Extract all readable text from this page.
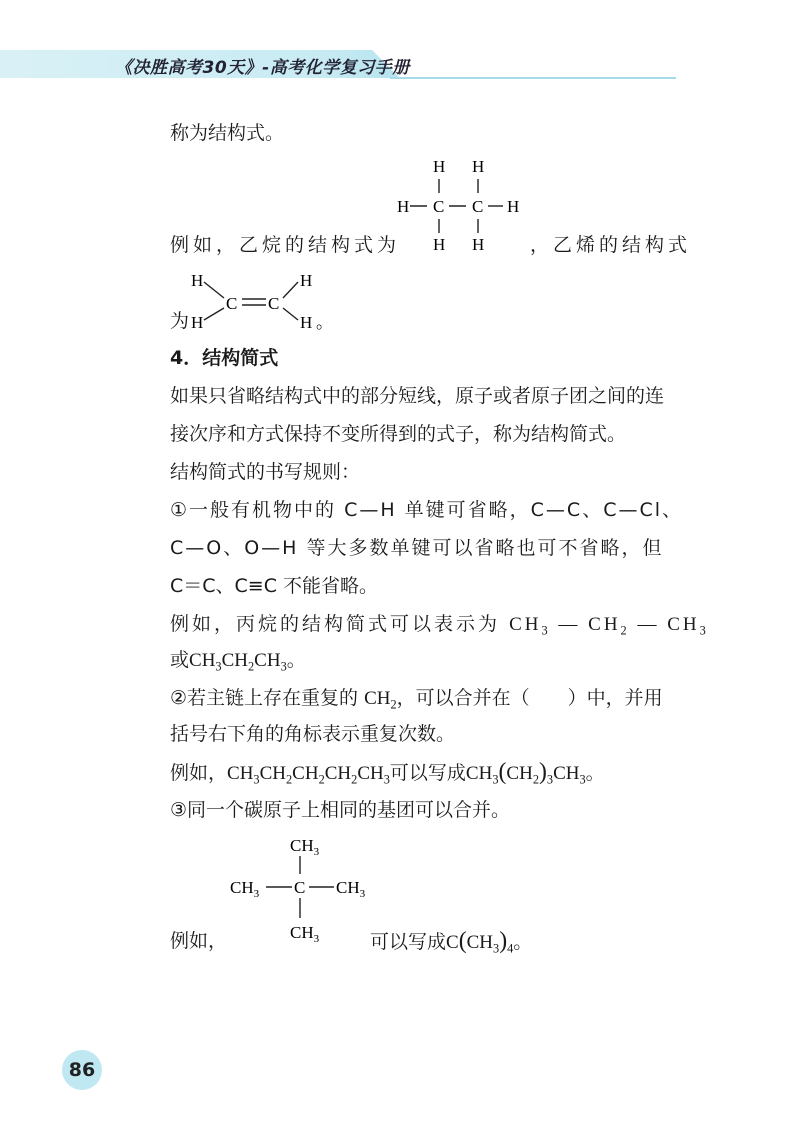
《决胜高考30天》-高考化学复习手册
称为结构式。
H H
H C C H
H H
例如，乙烷的结构式为	，乙烯的结构式
为
H
H
C C
H
H 。
4．结构简式
如果只省略结构式中的部分短线，原子或者原子团之间的连
接次序和方式保持不变所得到的式子，称为结构简式。
结构简式的书写规则：
①一般有机物中的 C—H 单键可省略，C—C、C—Cl、
C—O、O—H 等大多数单键可以省略也可不省略，但
C＝C、C≡C 不能省略。
例如，丙烷的结构简式可以表示为 $CH_3$ — $CH_2$ — $CH_3$
或$CH_3CH_2CH_3$。
②若主链上存在重复的 $CH_2$，可以合并在（　　）中，并用
括号右下角的角标表示重复次数。
例如，$CH_3CH_2CH_2CH_2CH_3$可以写成$CH_3(CH_2)_3CH_3$。
③同一个碳原子上相同的基团可以合并。
$CH_3$
$CH_3$ C $CH_3$
$CH_3$
例如，	可以写成$C(CH_3)_4$。
86
